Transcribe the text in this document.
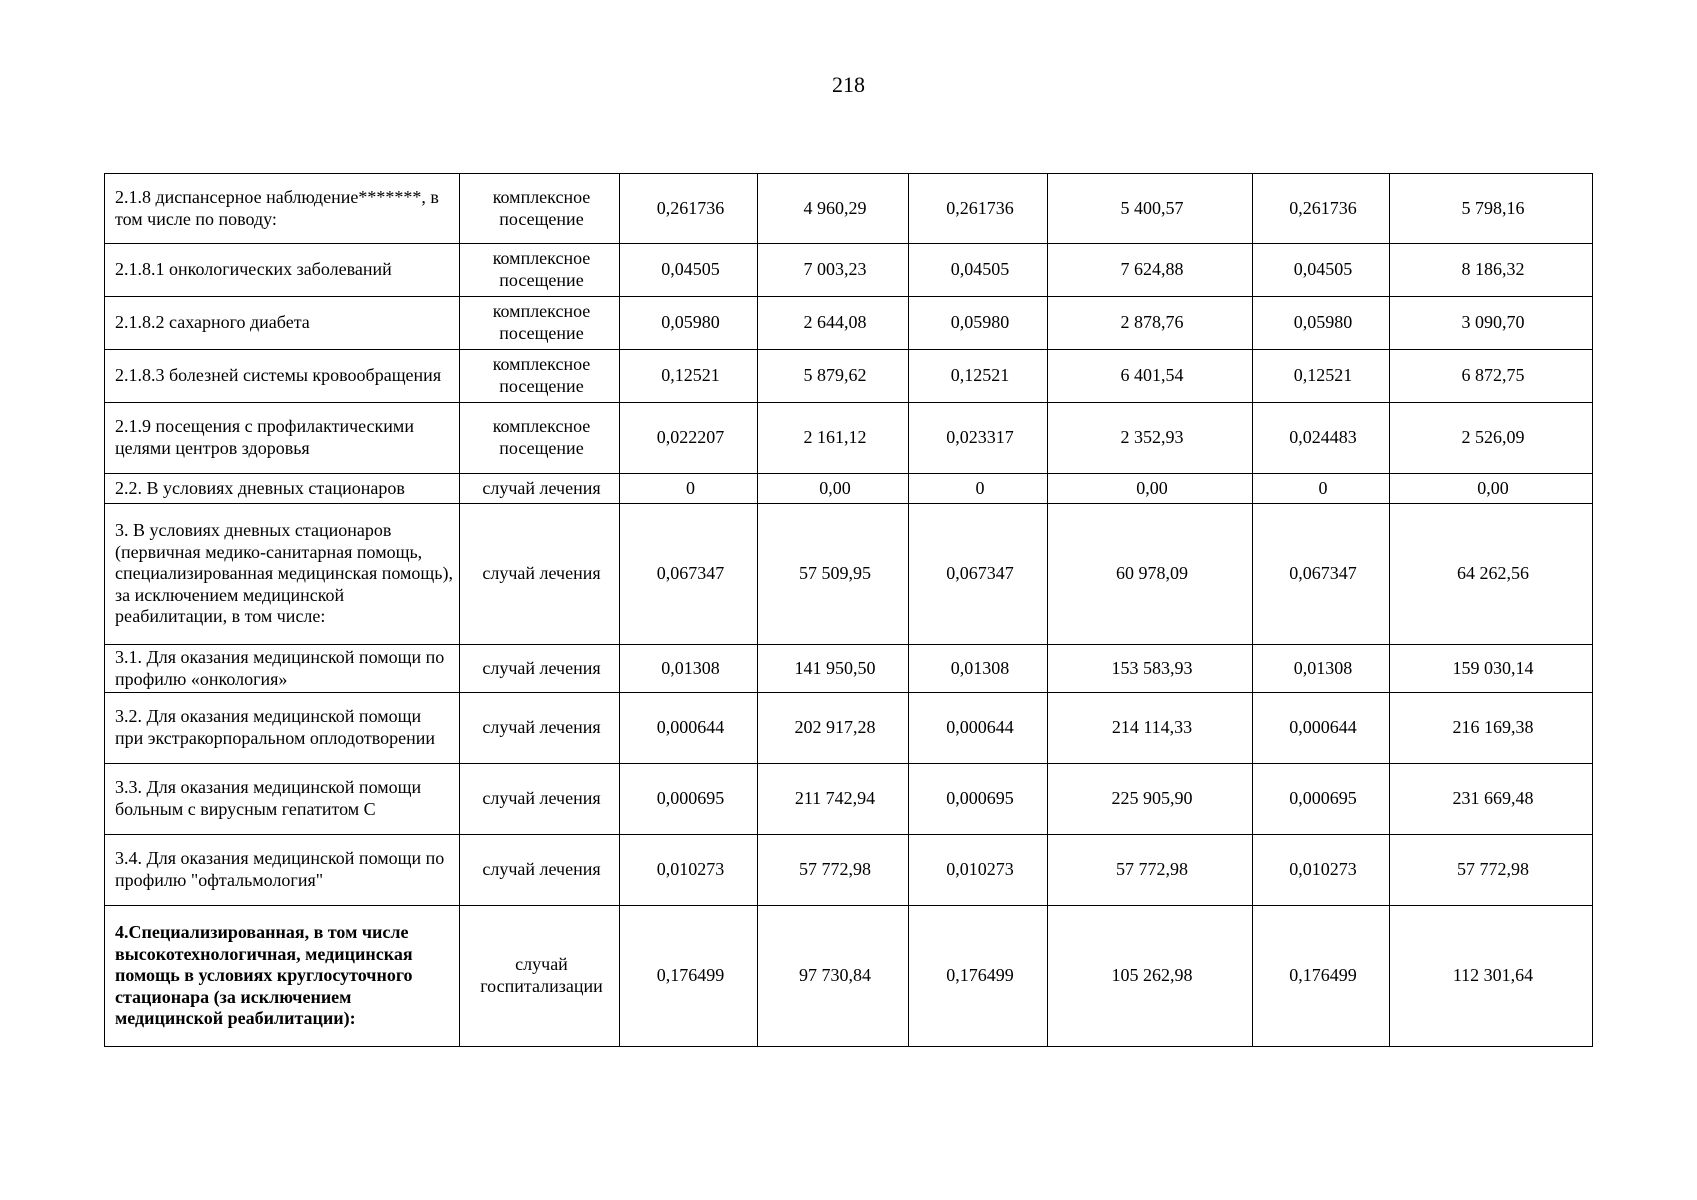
218
2.1.8 диспансерное наблюдение*******, в том числе по поводу:	комплексное посещение	0,261736	4 960,29	0,261736	5 400,57	0,261736	5 798,16
2.1.8.1 онкологических заболеваний	комплексное посещение	0,04505	7 003,23	0,04505	7 624,88	0,04505	8 186,32
2.1.8.2 сахарного диабета	комплексное посещение	0,05980	2 644,08	0,05980	2 878,76	0,05980	3 090,70
2.1.8.3 болезней системы кровообращения	комплексное посещение	0,12521	5 879,62	0,12521	6 401,54	0,12521	6 872,75
2.1.9 посещения с профилактическими целями центров здоровья	комплексное посещение	0,022207	2 161,12	0,023317	2 352,93	0,024483	2 526,09
2.2. В условиях дневных стационаров	случай лечения	0	0,00	0	0,00	0	0,00
3. В условиях дневных стационаров (первичная медико-санитарная помощь, специализированная медицинская помощь), за исключением медицинской реабилитации, в том числе:	случай лечения	0,067347	57 509,95	0,067347	60 978,09	0,067347	64 262,56
3.1. Для оказания медицинской помощи по профилю «онкология»	случай лечения	0,01308	141 950,50	0,01308	153 583,93	0,01308	159 030,14
3.2. Для оказания медицинской помощи при экстракорпоральном оплодотворении	случай лечения	0,000644	202 917,28	0,000644	214 114,33	0,000644	216 169,38
3.3. Для оказания медицинской помощи больным с вирусным гепатитом С	случай лечения	0,000695	211 742,94	0,000695	225 905,90	0,000695	231 669,48
3.4. Для оказания медицинской помощи по профилю "офтальмология"	случай лечения	0,010273	57 772,98	0,010273	57 772,98	0,010273	57 772,98
4.Специализированная, в том числе высокотехнологичная, медицинская помощь в условиях круглосуточного стационара (за исключением медицинской реабилитации):	случай госпитализации	0,176499	97 730,84	0,176499	105 262,98	0,176499	112 301,64
